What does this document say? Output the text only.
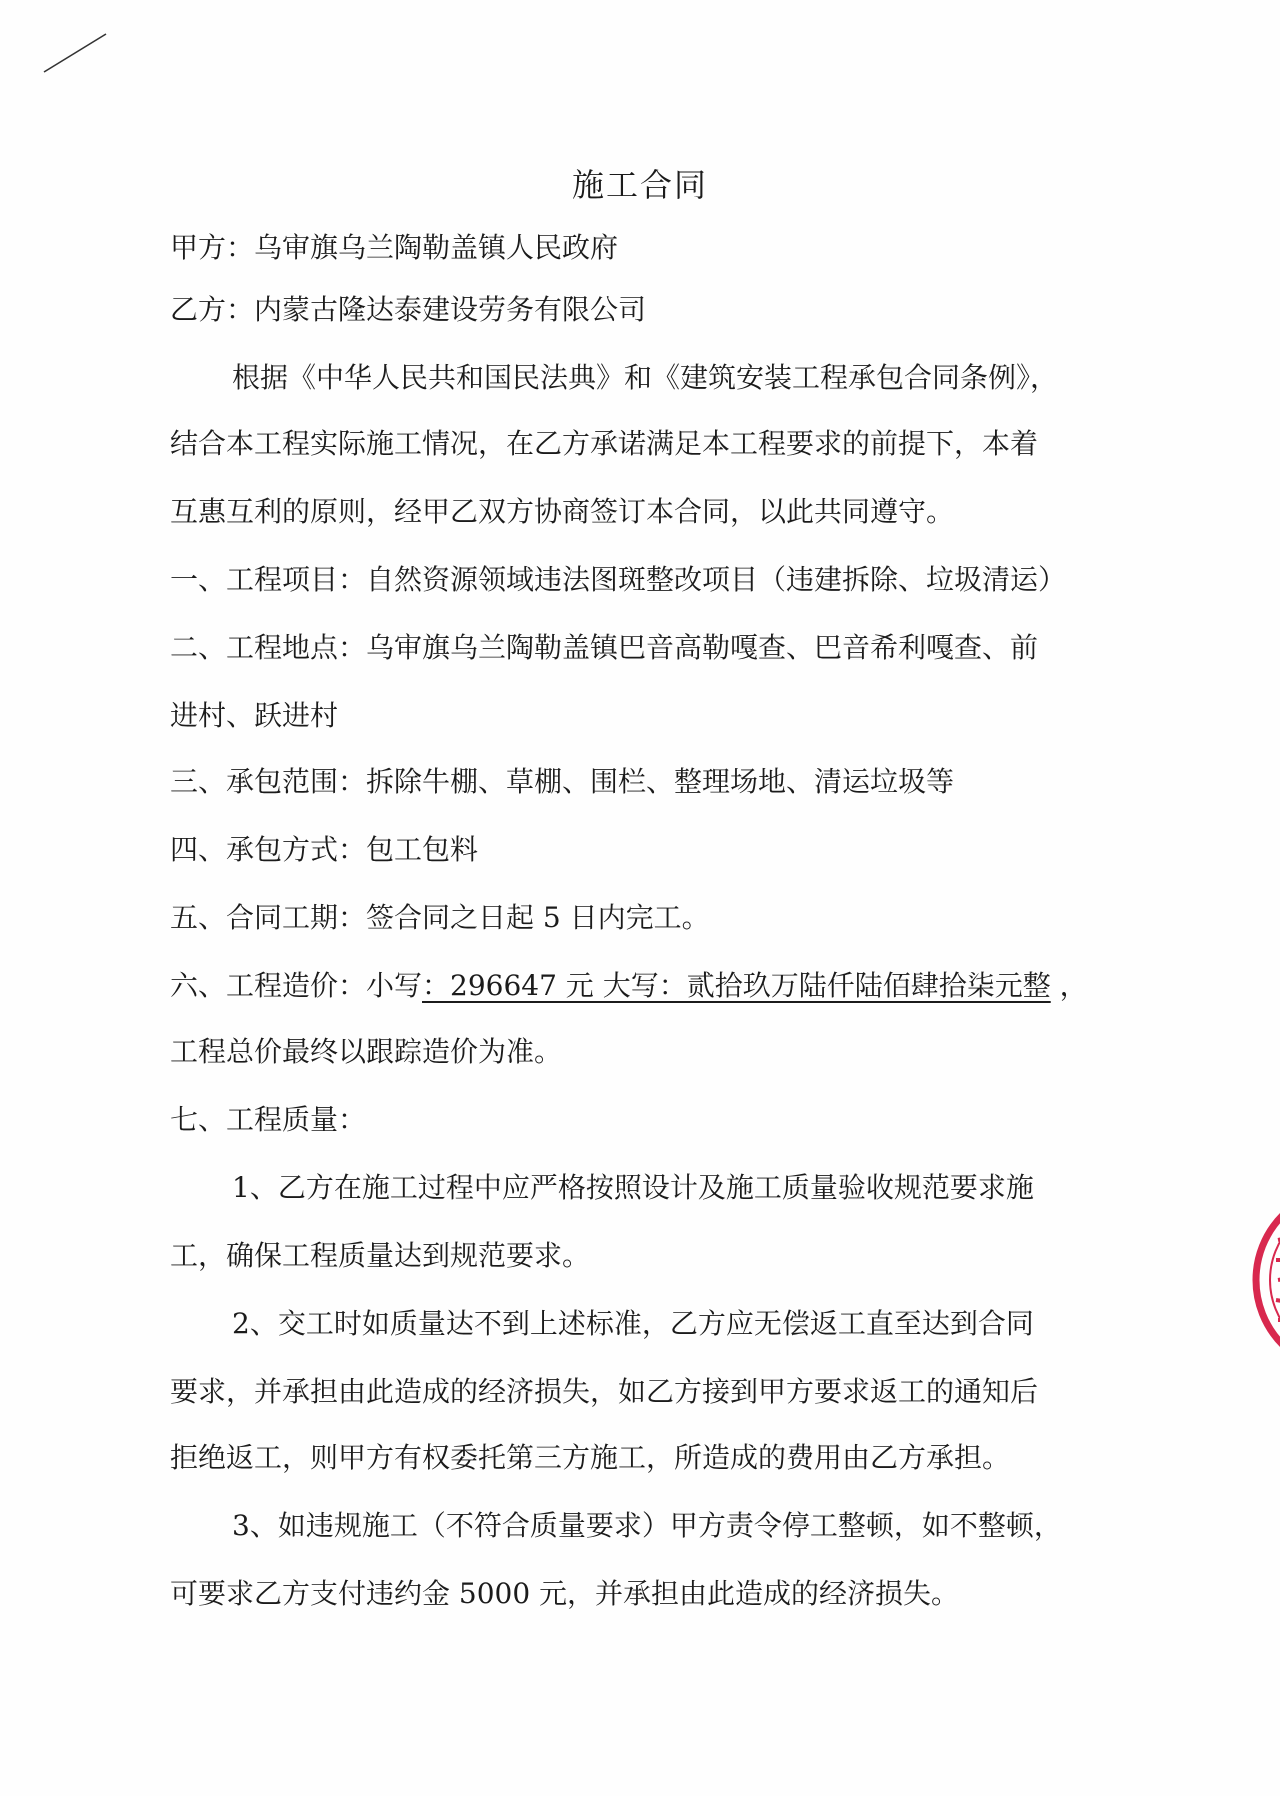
施工合同
甲方：乌审旗乌兰陶勒盖镇人民政府
乙方：内蒙古隆达泰建设劳务有限公司
根据《中华人民共和国民法典》和《建筑安装工程承包合同条例》，
结合本工程实际施工情况，在乙方承诺满足本工程要求的前提下，本着
互惠互利的原则，经甲乙双方协商签订本合同，以此共同遵守。
一、工程项目：自然资源领域违法图斑整改项目（违建拆除、垃圾清运）
二、工程地点：乌审旗乌兰陶勒盖镇巴音高勒嘎查、巴音希利嘎查、前
进村、跃进村
三、承包范围：拆除牛棚、草棚、围栏、整理场地、清运垃圾等
四、承包方式：包工包料
五、合同工期：签合同之日起 5 日内完工。
六、工程造价：小写：296647 元 大写：贰拾玖万陆仟陆佰肆拾柒元整 ，
工程总价最终以跟踪造价为准。
七、工程质量：
1、乙方在施工过程中应严格按照设计及施工质量验收规范要求施
工，确保工程质量达到规范要求。
2、交工时如质量达不到上述标准，乙方应无偿返工直至达到合同
要求，并承担由此造成的经济损失，如乙方接到甲方要求返工的通知后
拒绝返工，则甲方有权委托第三方施工，所造成的费用由乙方承担。
3、如违规施工（不符合质量要求）甲方责令停工整顿，如不整顿，
可要求乙方支付违约金 5000 元，并承担由此造成的经济损失。
